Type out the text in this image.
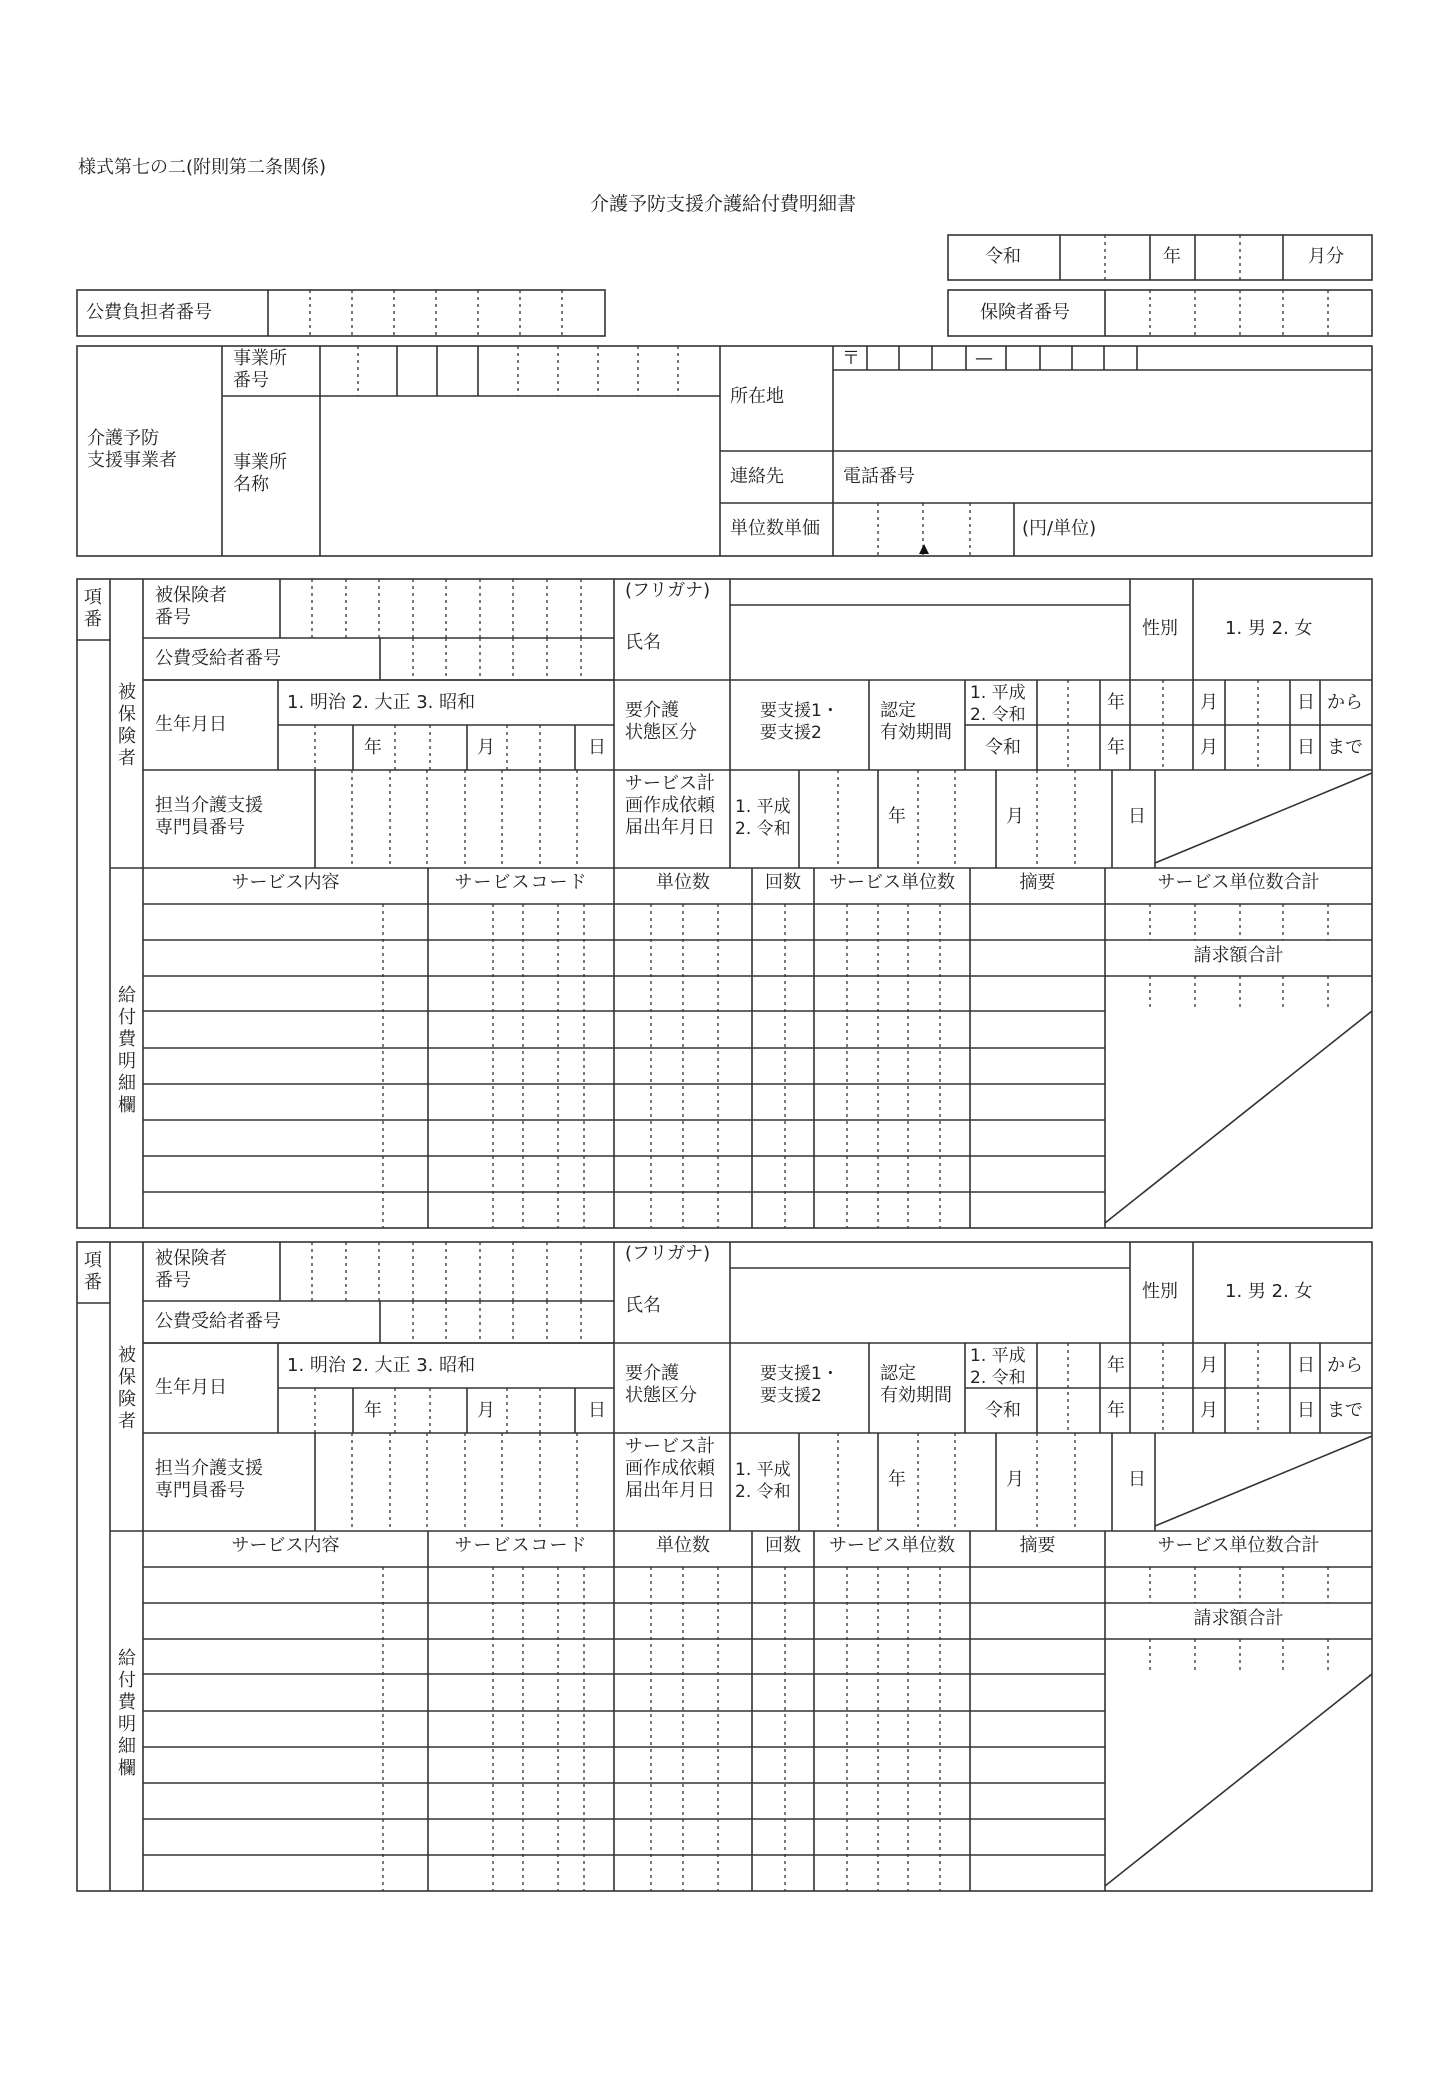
様式第七の二(附則第二条関係)
介護予防支援介護給付費明細書
令和	年	月分
公費負担者番号	保険者番号
〒	—
介護予防
支援事業者
事業所
番号
事業所
名称
所在地
連絡先	電話番号
単位数単価	(円/単位)
項番
被保険者
給付費明細欄
被保険者
番号
公費受給者番号
(フリガナ)
氏名
性別	1. 男 2. 女
生年月日
1. 明治 2. 大正 3. 昭和
年	月	日
要介護
状態区分
要支援1・
要支援2
認定
有効期間
1. 平成
2. 令和
令和
年	月	日 から
年	月	日 まで
担当介護支援
専門員番号
サービス計
画作成依頼
届出年月日
1. 平成
2. 令和
年	月	日
サービス内容	サービスコード	単位数	回数	サービス単位数	摘要	サービス単位数合計
請求額合計
項番
被保険者
給付費明細欄
被保険者
番号
公費受給者番号
(フリガナ)
氏名
性別	1. 男 2. 女
生年月日
1. 明治 2. 大正 3. 昭和
年	月	日
要介護
状態区分
要支援1・
要支援2
認定
有効期間
1. 平成
2. 令和
令和
年	月	日 から
年	月	日 まで
担当介護支援
専門員番号
サービス計
画作成依頼
届出年月日
1. 平成
2. 令和
年	月	日
サービス内容	サービスコード	単位数	回数	サービス単位数	摘要	サービス単位数合計
請求額合計
